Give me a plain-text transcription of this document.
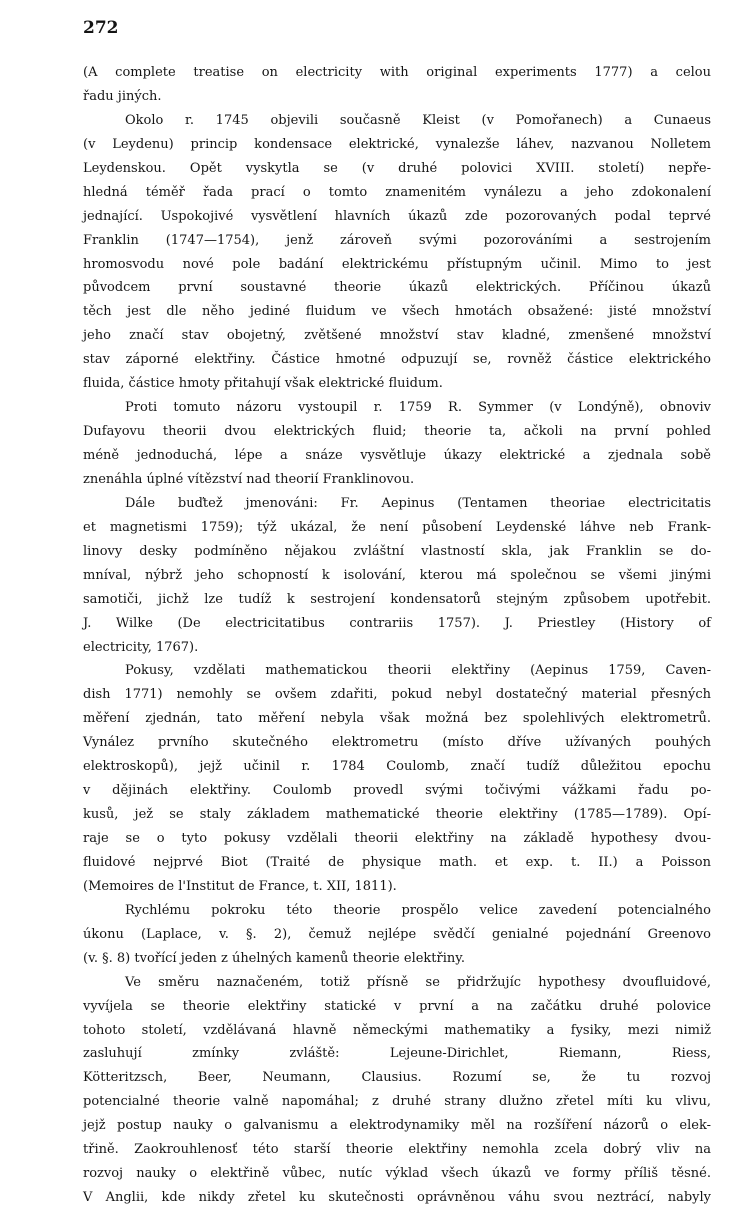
272
(A complete treatise on electricity with original experiments 1777) a celou
řadu jiných.
Okolo r. 1745 objevili současně Kleist (v Pomořanech) a Cunaeus
(v Leydenu) princip kondensace elektrické, vynalezše láhev, nazvanou Nolletem
Leydenskou. Opět vyskytla se (v druhé polovici XVIII. století) nepře-
hledná téměř řada prací o tomto znamenitém vynálezu a jeho zdokonalení
jednající. Uspokojivé vysvětlení hlavních úkazů zde pozorovaných podal teprvé
Franklin (1747—1754), jenž zároveň svými pozorováními a sestrojením
hromosvodu nové pole badání elektrickému přístupným učinil. Mimo to jest
původcem první soustavné theorie úkazů elektrických. Příčinou úkazů
těch jest dle něho jediné fluidum ve všech hmotách obsažené: jisté množství
jeho značí stav obojetný, zvětšené množství stav kladné, zmenšené množství
stav záporné elektřiny. Částice hmotné odpuzují se, rovněž částice elektrického
fluida, částice hmoty přitahují však elektrické fluidum.
Proti tomuto názoru vystoupil r. 1759 R. Symmer (v Londýně), obnoviv
Dufayovu theorii dvou elektrických fluid; theorie ta, ačkoli na první pohled
méně jednoduchá, lépe a snáze vysvětluje úkazy elektrické a zjednala sobě
znenáhla úplné vítězství nad theorií Franklinovou.
Dále buďtež jmenováni: Fr. Aepinus (Tentamen theoriae electricitatis
et magnetismi 1759); týž ukázal, že není působení Leydenské láhve neb Frank-
linovy desky podmíněno nějakou zvláštní vlastností skla, jak Franklin se do-
mníval, nýbrž jeho schopností k isolování, kterou má společnou se všemi jinými
samotiči, jichž lze tudíž k sestrojení kondensatorů stejným způsobem upotřebit.
J. Wilke (De electricitatibus contrariis 1757). J. Priestley (History of
electricity, 1767).
Pokusy, vzdělati mathematickou theorii elektřiny (Aepinus 1759, Caven-
dish 1771) nemohly se ovšem zdařiti, pokud nebyl dostatečný material přesných
měření zjednán, tato měření nebyla však možná bez spolehlivých elektrometrů.
Vynález prvního skutečného elektrometru (místo dříve užívaných pouhých
elektroskopů), jejž učinil r. 1784 Coulomb, značí tudíž důležitou epochu
v dějinách elektřiny. Coulomb provedl svými točivými vážkami řadu po-
kusů, jež se staly základem mathematické theorie elektřiny (1785—1789). Opí-
raje se o tyto pokusy vzdělali theorii elektřiny na základě hypothesy dvou-
fluidové nejprvé Biot (Traité de physique math. et exp. t. II.) a Poisson
(Memoires de l'Institut de France, t. XII, 1811).
Rychlému pokroku této theorie prospělo velice zavedení potencialného
úkonu (Laplace, v. §. 2), čemuž nejlépe svědčí genialné pojednání Greenovo
(v. §. 8) tvořící jeden z úhelných kamenů theorie elektřiny.
Ve směru naznačeném, totiž přísně se přidržujíc hypothesy dvoufluidové,
vyvíjela se theorie elektřiny statické v první a na začátku druhé polovice
tohoto století, vzdělávaná hlavně německými mathematiky a fysiky, mezi nimiž
zasluhují zmínky zvláště: Lejeune-Dirichlet, Riemann, Riess,
Kötteritzsch, Beer, Neumann, Clausius. Rozumí se, že tu rozvoj
potencialné theorie valně napomáhal; z druhé strany dlužno zřetel míti ku vlivu,
jejž postup nauky o galvanismu a elektrodynamiky měl na rozšíření názorů o elek-
třině. Zaokrouhlenosť této starší theorie elektřiny nemohla zcela dobrý vliv na
rozvoj nauky o elektřině vůbec, nutíc výklad všech úkazů ve formy příliš těsné.
V Anglii, kde nikdy zřetel ku skutečnosti oprávněnou váhu svou neztrácí, nabyly
